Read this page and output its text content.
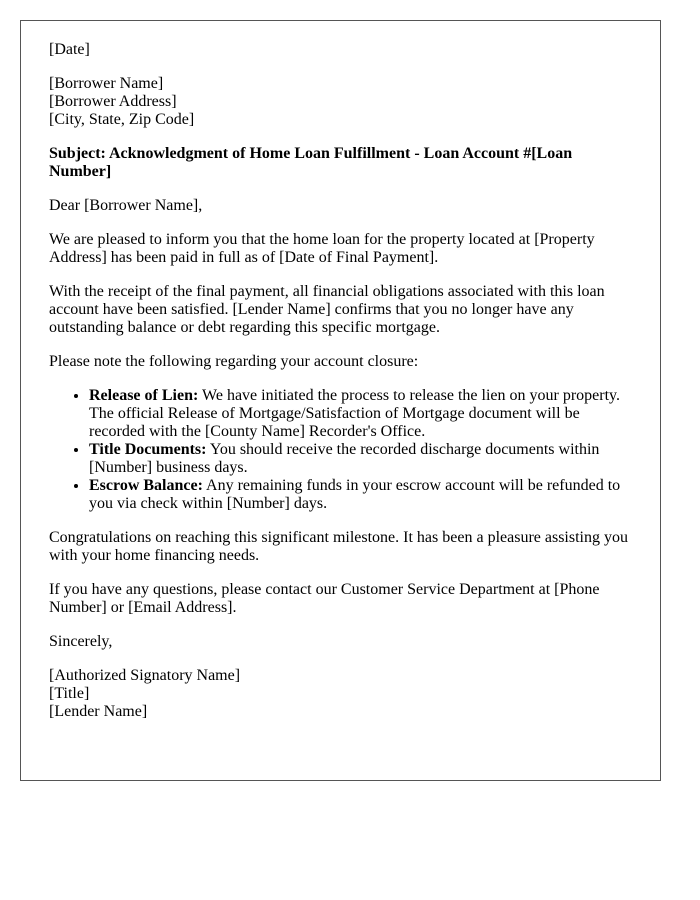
[Date]

[Borrower Name]
[Borrower Address]
[City, State, Zip Code]

Subject: Acknowledgment of Home Loan Fulfillment - Loan Account #[Loan Number]

Dear [Borrower Name],

We are pleased to inform you that the home loan for the property located at [Property Address] has been paid in full as of [Date of Final Payment].

With the receipt of the final payment, all financial obligations associated with this loan account have been satisfied. [Lender Name] confirms that you no longer have any outstanding balance or debt regarding this specific mortgage.

Please note the following regarding your account closure:

• Release of Lien: We have initiated the process to release the lien on your property. The official Release of Mortgage/Satisfaction of Mortgage document will be recorded with the [County Name] Recorder's Office.
• Title Documents: You should receive the recorded discharge documents within [Number] business days.
• Escrow Balance: Any remaining funds in your escrow account will be refunded to you via check within [Number] days.

Congratulations on reaching this significant milestone. It has been a pleasure assisting you with your home financing needs.

If you have any questions, please contact our Customer Service Department at [Phone Number] or [Email Address].

Sincerely,

[Authorized Signatory Name]
[Title]
[Lender Name]
